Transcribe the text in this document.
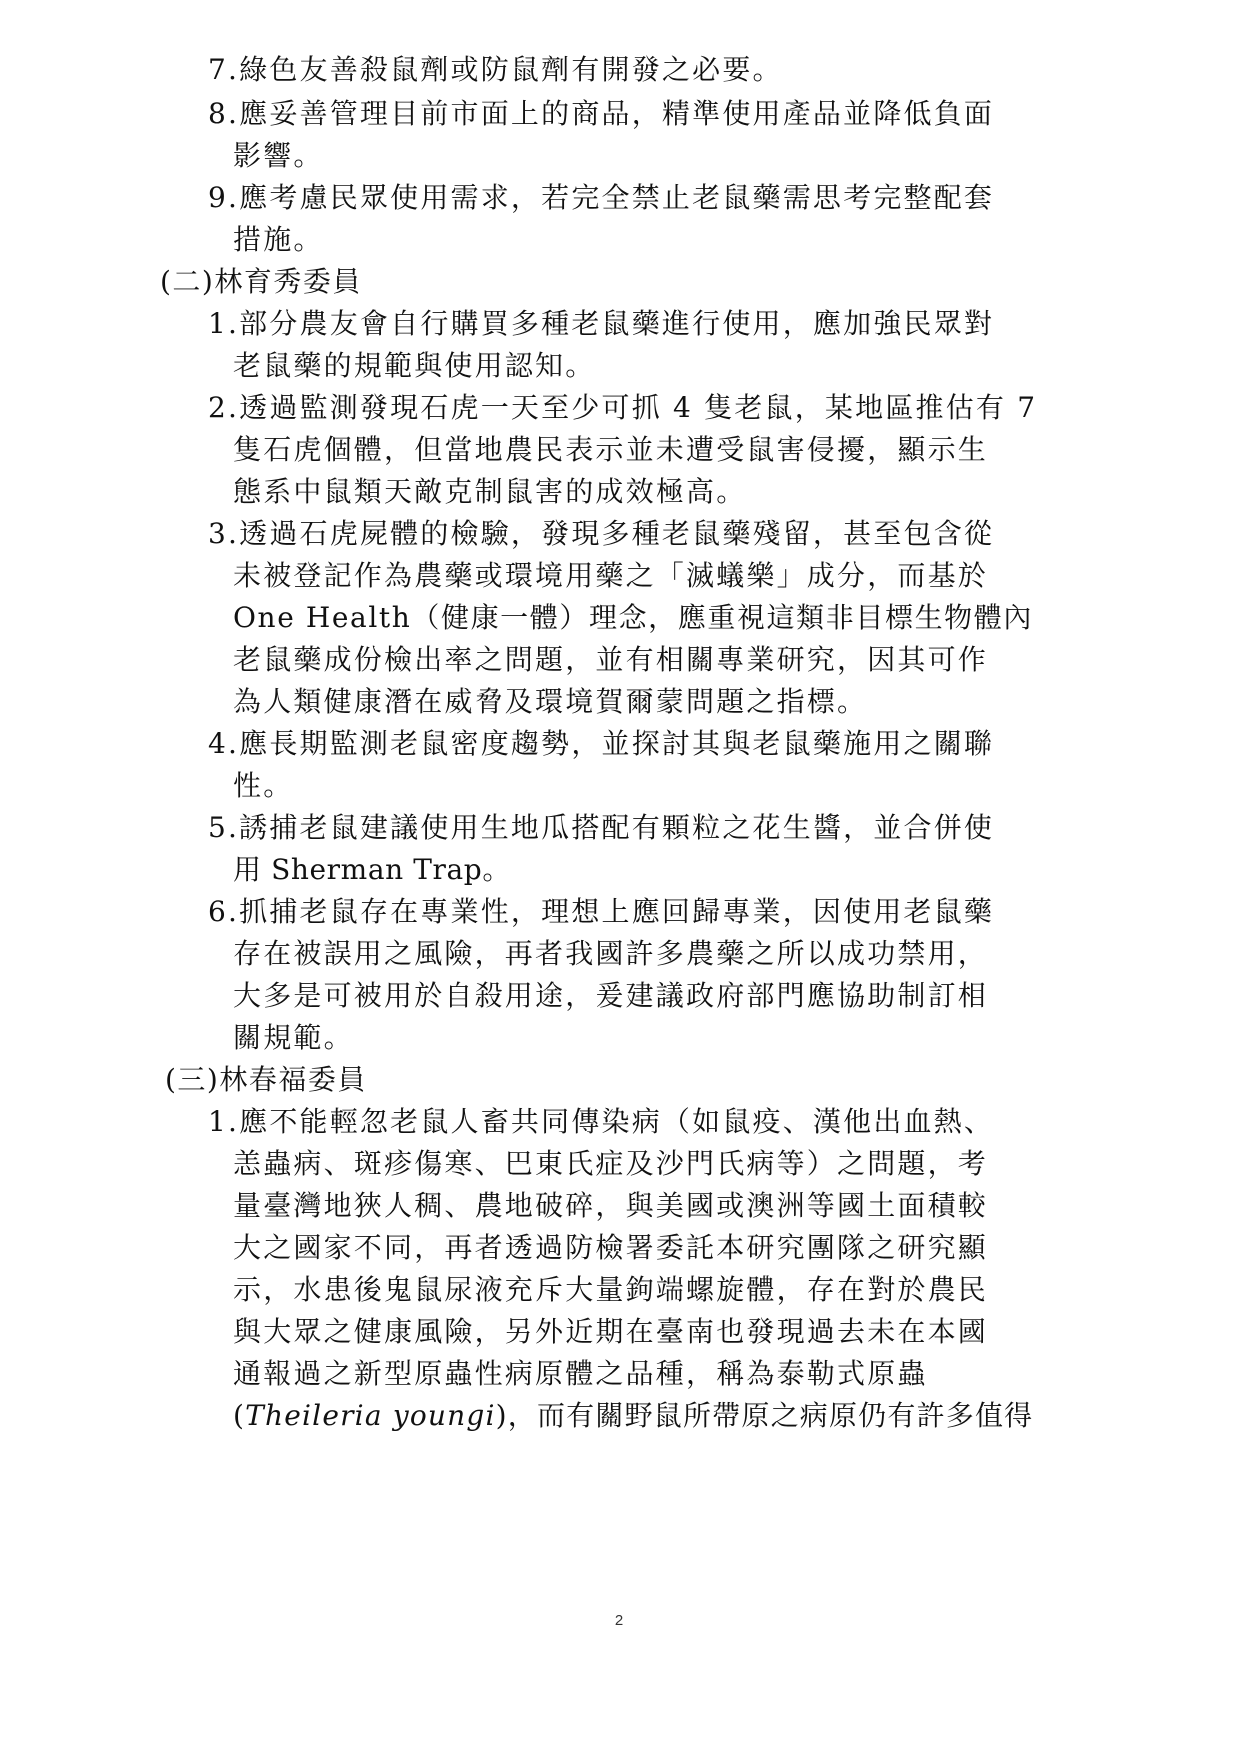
7.綠色友善殺鼠劑或防鼠劑有開發之必要。
8.應妥善管理目前市面上的商品，精準使用產品並降低負面
影響。
9.應考慮民眾使用需求，若完全禁止老鼠藥需思考完整配套
措施。
(二)林育秀委員
1.部分農友會自行購買多種老鼠藥進行使用，應加強民眾對
老鼠藥的規範與使用認知。
2.透過監測發現石虎一天至少可抓 4 隻老鼠，某地區推估有 7
隻石虎個體，但當地農民表示並未遭受鼠害侵擾，顯示生
態系中鼠類天敵克制鼠害的成效極高。
3.透過石虎屍體的檢驗，發現多種老鼠藥殘留，甚至包含從
未被登記作為農藥或環境用藥之「滅蟻樂」成分，而基於
One Health（健康一體）理念，應重視這類非目標生物體內
老鼠藥成份檢出率之問題，並有相關專業研究，因其可作
為人類健康潛在威脅及環境賀爾蒙問題之指標。
4.應長期監測老鼠密度趨勢，並探討其與老鼠藥施用之關聯
性。
5.誘捕老鼠建議使用生地瓜搭配有顆粒之花生醬，並合併使
用 Sherman Trap。
6.抓捕老鼠存在專業性，理想上應回歸專業，因使用老鼠藥
存在被誤用之風險，再者我國許多農藥之所以成功禁用，
大多是可被用於自殺用途，爰建議政府部門應協助制訂相
關規範。
(三)林春福委員
1.應不能輕忽老鼠人畜共同傳染病（如鼠疫、漢他出血熱、
恙蟲病、斑疹傷寒、巴東氏症及沙門氏病等）之問題，考
量臺灣地狹人稠、農地破碎，與美國或澳洲等國土面積較
大之國家不同，再者透過防檢署委託本研究團隊之研究顯
示，水患後鬼鼠尿液充斥大量鉤端螺旋體，存在對於農民
與大眾之健康風險，另外近期在臺南也發現過去未在本國
通報過之新型原蟲性病原體之品種，稱為泰勒式原蟲
(Theileria youngi)，而有關野鼠所帶原之病原仍有許多值得
2
